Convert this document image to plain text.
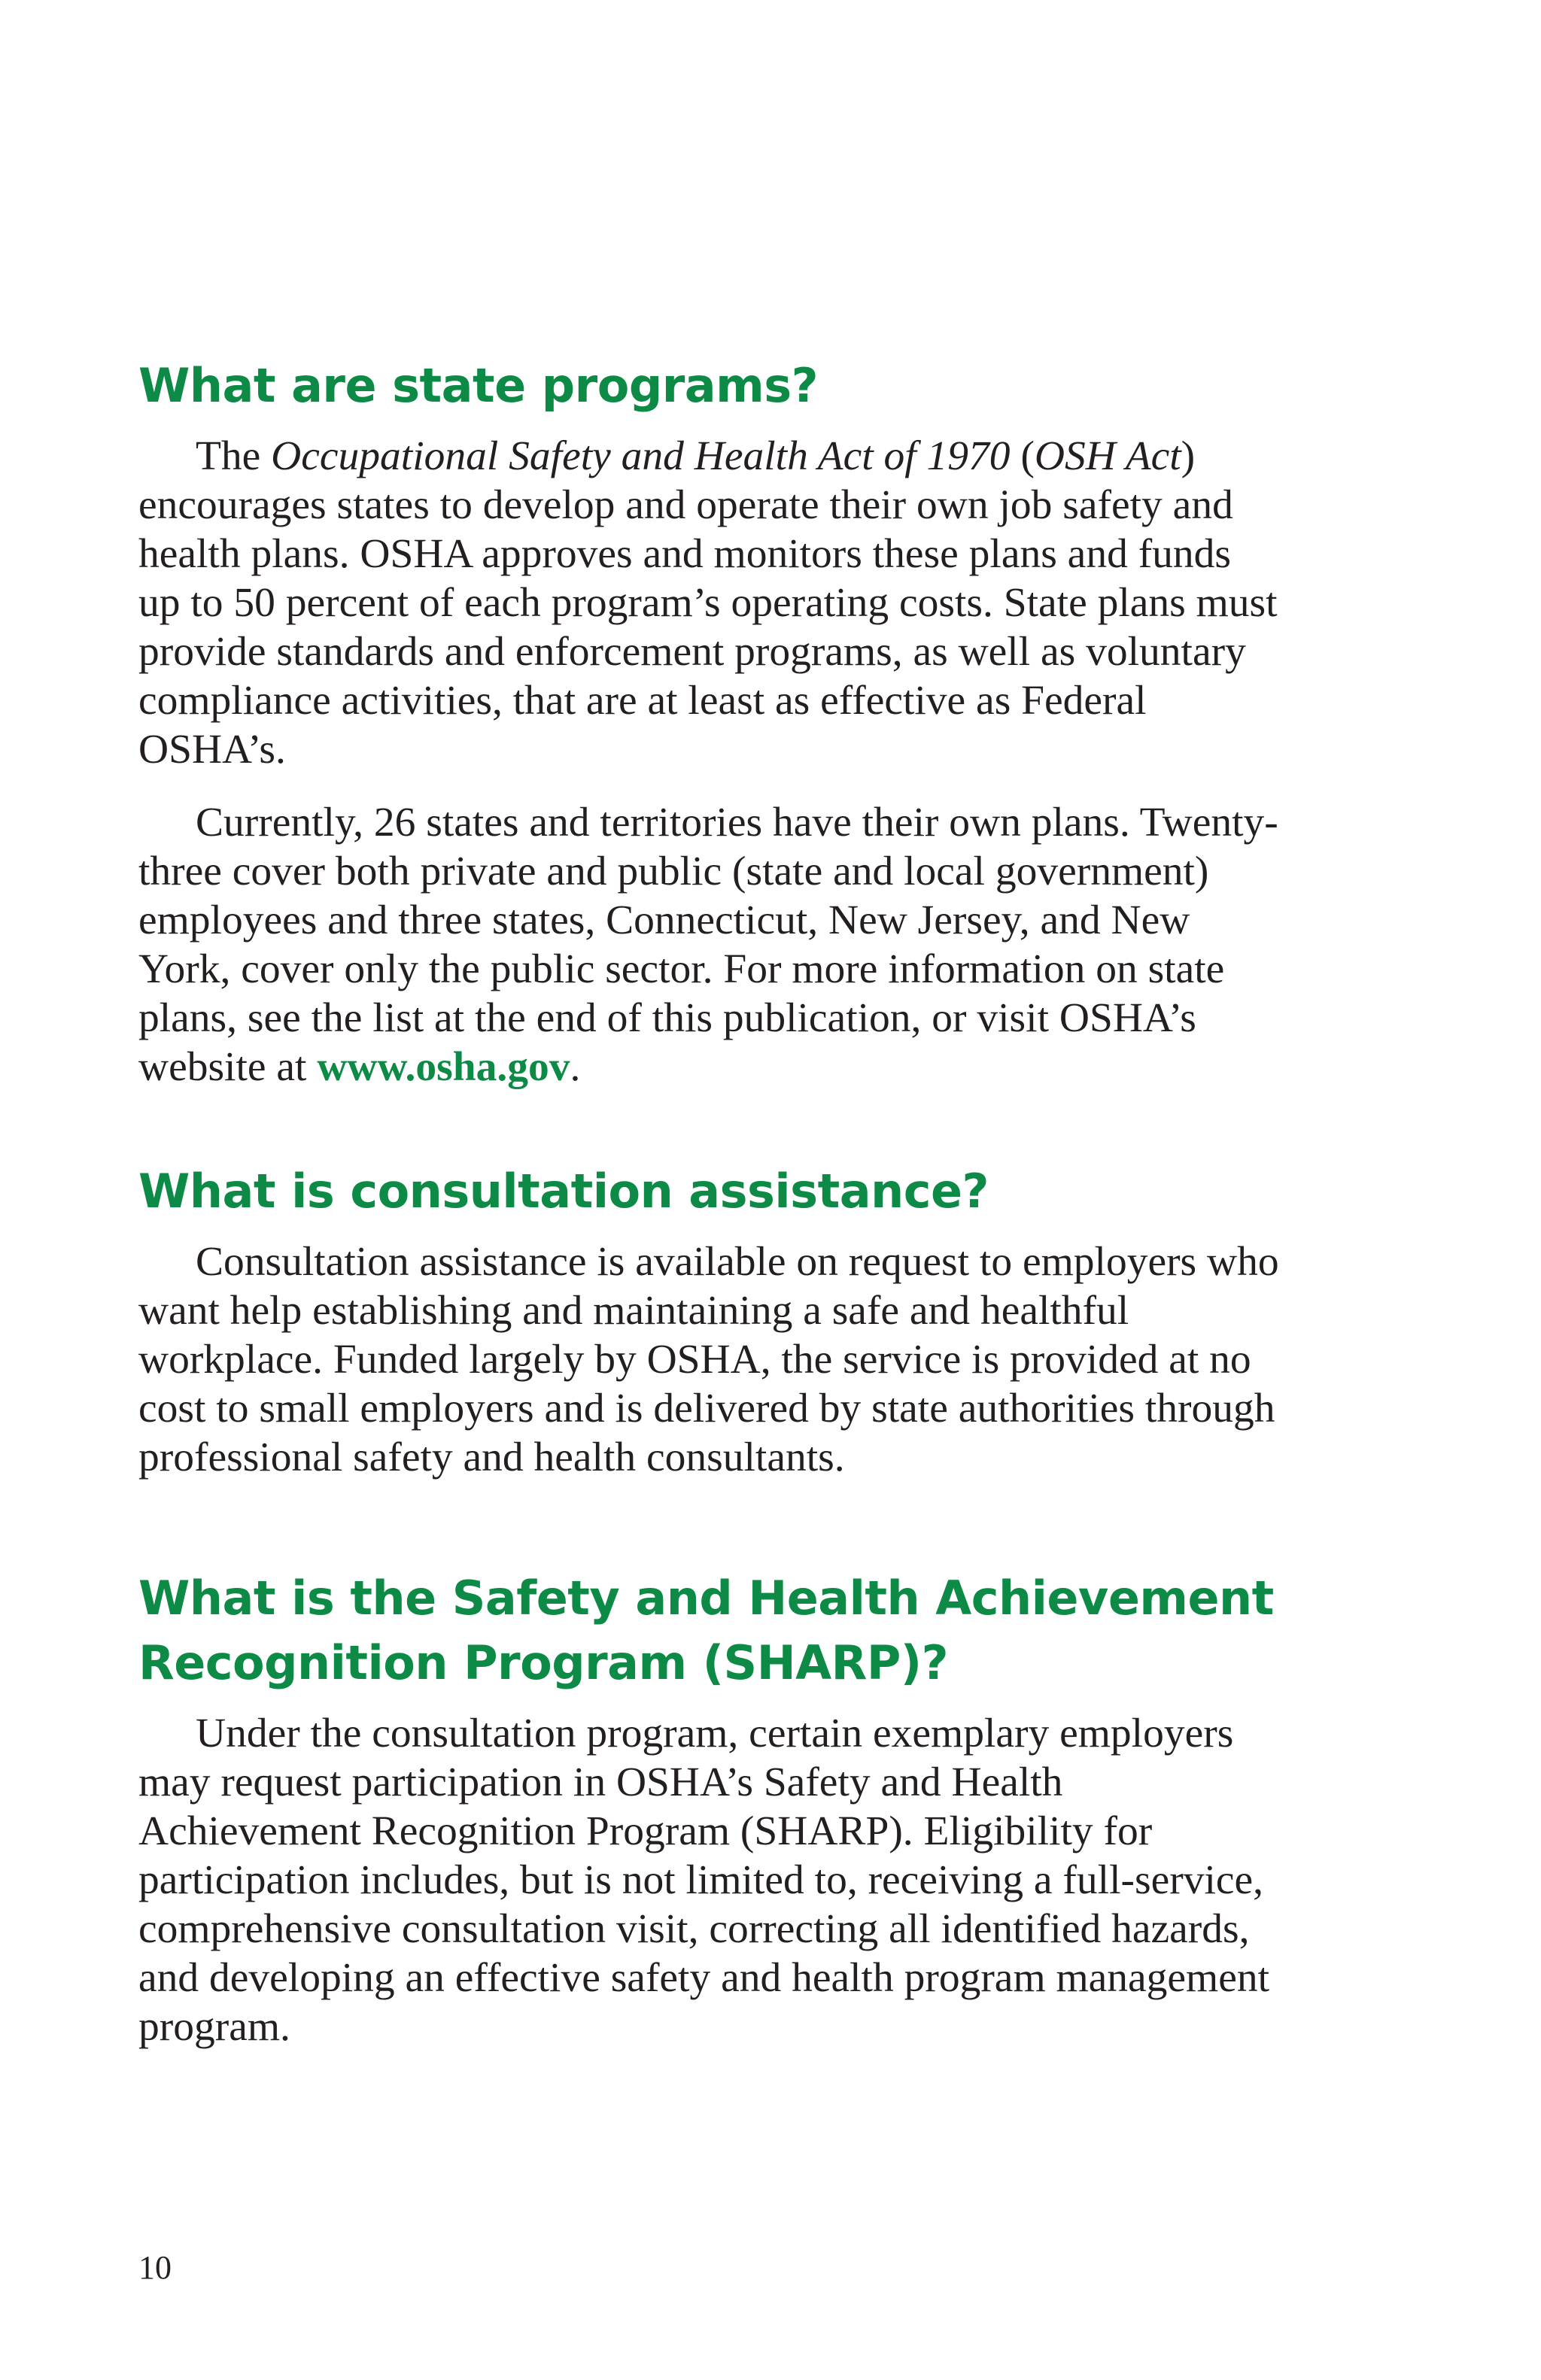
What are state programs?

The Occupational Safety and Health Act of 1970 (OSH Act) encourages states to develop and operate their own job safety and health plans. OSHA approves and monitors these plans and funds up to 50 percent of each program’s operating costs. State plans must provide standards and enforcement programs, as well as voluntary compliance activities, that are at least as effective as Federal OSHA’s.

Currently, 26 states and territories have their own plans. Twenty-three cover both private and public (state and local government) employees and three states, Connecticut, New Jersey, and New York, cover only the public sector. For more information on state plans, see the list at the end of this publication, or visit OSHA’s website at www.osha.gov.

What is consultation assistance?

Consultation assistance is available on request to employers who want help establishing and maintaining a safe and healthful workplace. Funded largely by OSHA, the service is provided at no cost to small employers and is delivered by state authorities through professional safety and health consultants.

What is the Safety and Health Achievement
Recognition Program (SHARP)?

Under the consultation program, certain exemplary employers may request participation in OSHA’s Safety and Health Achievement Recognition Program (SHARP). Eligibility for participation includes, but is not limited to, receiving a full-service, comprehensive consultation visit, correcting all identified hazards, and developing an effective safety and health program management program.

10
